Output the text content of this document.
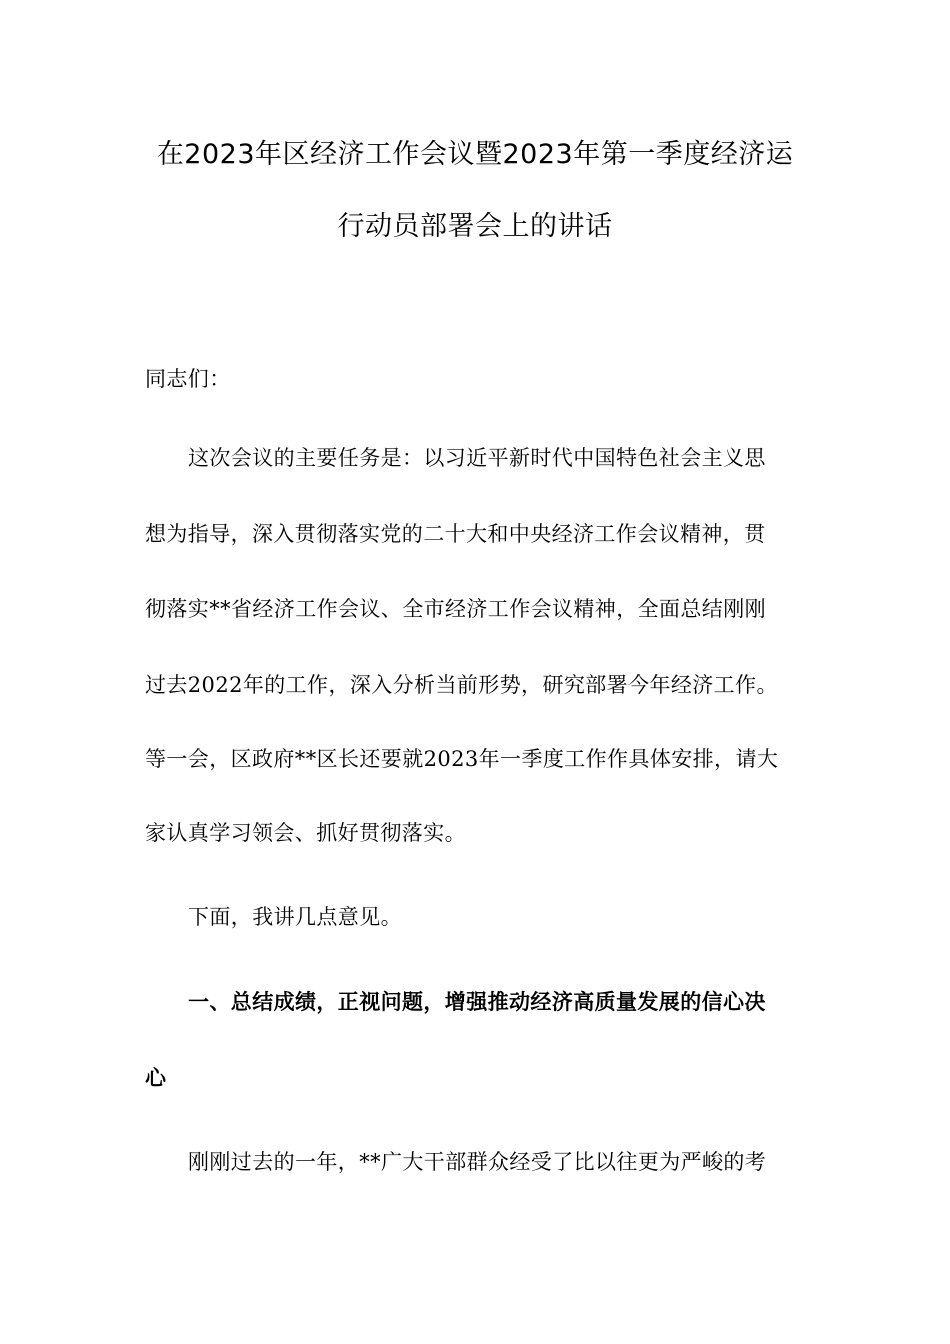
在2023年区经济工作会议暨2023年第一季度经济运
行动员部署会上的讲话
同志们：
这次会议的主要任务是：以习近平新时代中国特色社会主义思
想为指导，深入贯彻落实党的二十大和中央经济工作会议精神，贯
彻落实**省经济工作会议、全市经济工作会议精神，全面总结刚刚
过去2022年的工作，深入分析当前形势，研究部署今年经济工作。
等一会，区政府**区长还要就2023年一季度工作作具体安排，请大
家认真学习领会、抓好贯彻落实。
下面，我讲几点意见。
一、总结成绩，正视问题，增强推动经济高质量发展的信心决
心
刚刚过去的一年，**广大干部群众经受了比以往更为严峻的考
